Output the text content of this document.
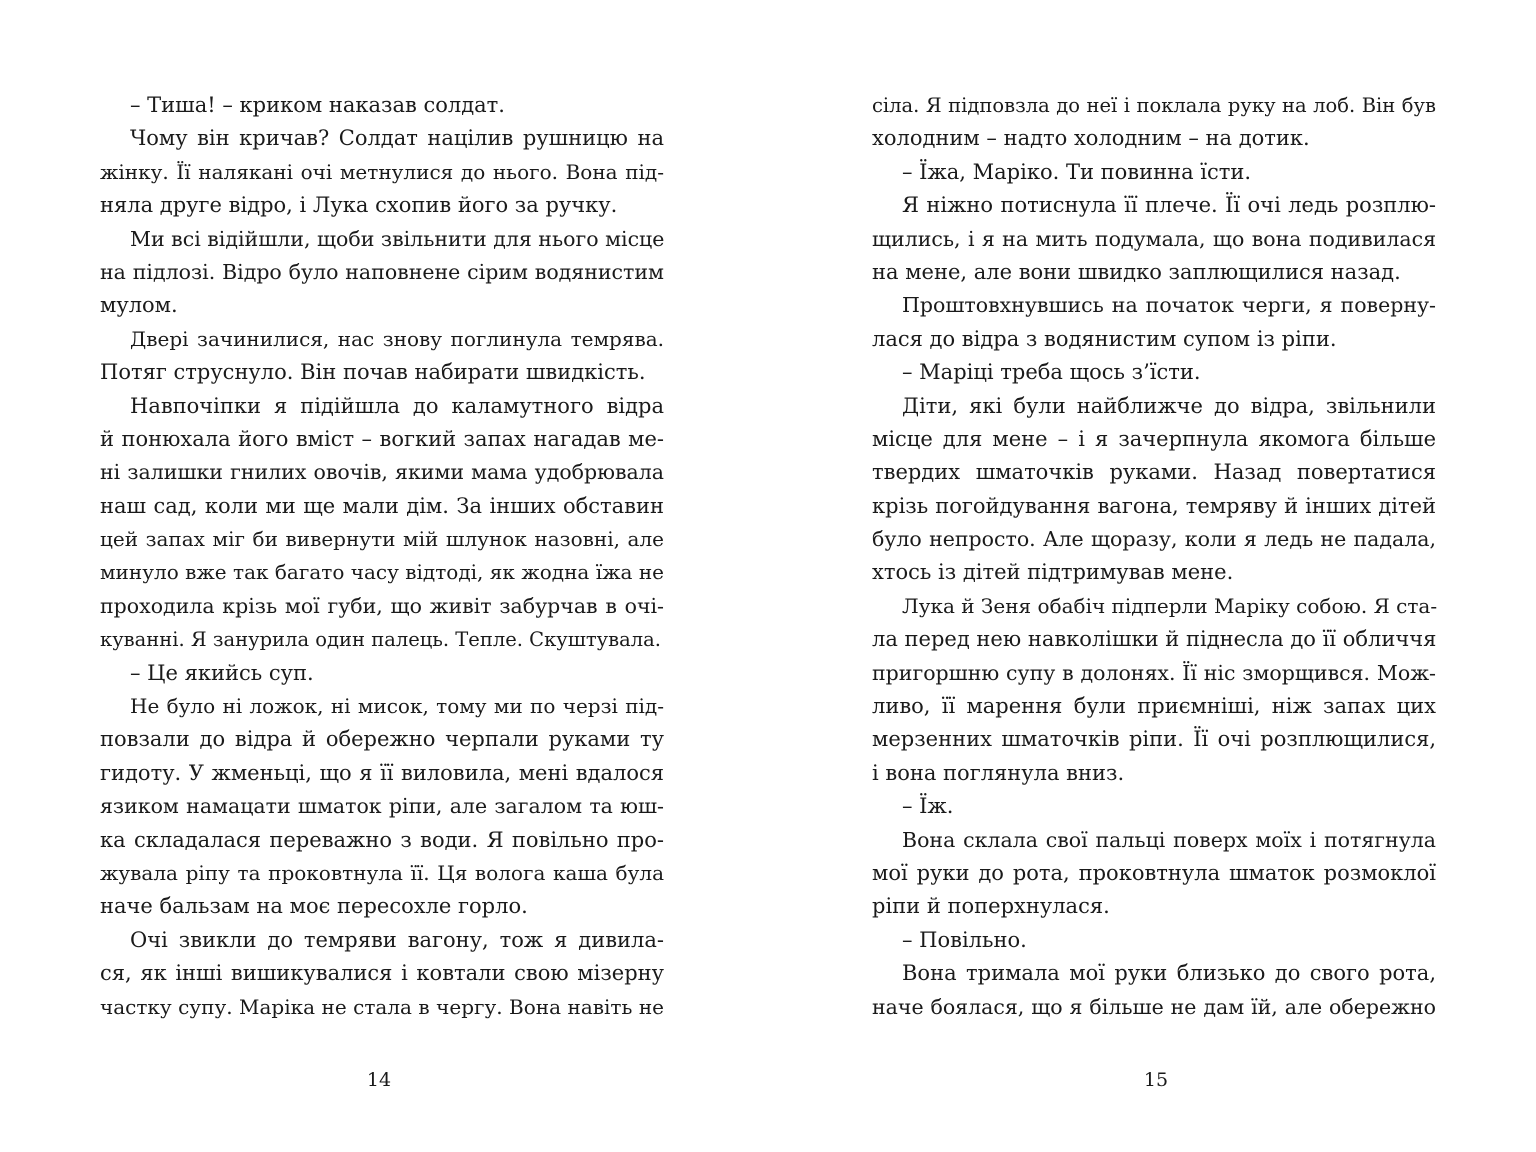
– Тиша! – криком наказав солдат.
Чому він кричав? Солдат націлив рушницю на
жінку. Її налякані очі метнулися до нього. Вона під-
няла друге відро, і Лука схопив його за ручку.
Ми всі відійшли, щоби звільнити для нього місце
на підлозі. Відро було наповнене сірим водянистим
мулом.
Двері зачинилися, нас знову поглинула темрява.
Потяг струснуло. Він почав набирати швидкість.
Навпочіпки я підійшла до каламутного відра
й понюхала його вміст – вогкий запах нагадав ме-
ні залишки гнилих овочів, якими мама удобрювала
наш сад, коли ми ще мали дім. За інших обставин
цей запах міг би вивернути мій шлунок назовні, але
минуло вже так багато часу відтоді, як жодна їжа не
проходила крізь мої губи, що живіт забурчав в очі-
куванні. Я занурила один палець. Тепле. Скуштувала.
– Це якийсь суп.
Не було ні ложок, ні мисок, тому ми по черзі під-
повзали до відра й обережно черпали руками ту
гидоту. У жменьці, що я її виловила, мені вдалося
язиком намацати шматок ріпи, але загалом та юш-
ка складалася переважно з води. Я повільно про-
жувала ріпу та проковтнула її. Ця волога каша була
наче бальзам на моє пересохле горло.
Очі звикли до темряви вагону, тож я дивила-
ся, як інші вишикувалися і ковтали свою мізерну
частку супу. Маріка не стала в чергу. Вона навіть не
сіла. Я підповзла до неї і поклала руку на лоб. Він був
холодним – надто холодним – на дотик.
– Їжа, Маріко. Ти повинна їсти.
Я ніжно потиснула її плече. Її очі ледь розплю-
щились, і я на мить подумала, що вона подивилася
на мене, але вони швидко заплющилися назад.
Проштовхнувшись на початок черги, я поверну-
лася до відра з водянистим супом із ріпи.
– Маріці треба щось з’їсти.
Діти, які були найближче до відра, звільнили
місце для мене – і я зачерпнула якомога більше
твердих шматочків руками. Назад повертатися
крізь погойдування вагона, темряву й інших дітей
було непросто. Але щоразу, коли я ледь не падала,
хтось із дітей підтримував мене.
Лука й Зеня обабіч підперли Маріку собою. Я ста-
ла перед нею навколішки й піднесла до її обличчя
пригоршню супу в долонях. Її ніс зморщився. Мож-
ливо, її марення були приємніші, ніж запах цих
мерзенних шматочків ріпи. Її очі розплющилися,
і вона поглянула вниз.
– Їж.
Вона склала свої пальці поверх моїх і потягнула
мої руки до рота, проковтнула шматок розмоклої
ріпи й поперхнулася.
– Повільно.
Вона тримала мої руки близько до свого рота,
наче боялася, що я більше не дам їй, але обережно
14	15
